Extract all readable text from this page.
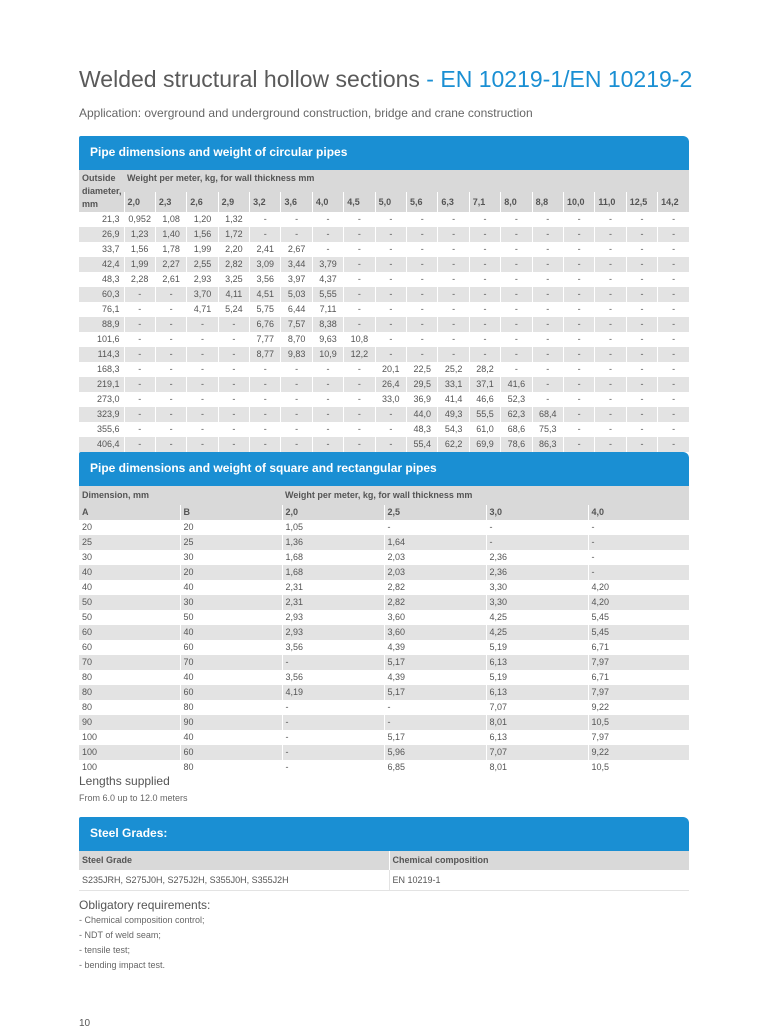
Welded structural hollow sections - EN 10219-1/EN 10219-2
Application: overground and underground construction, bridge and crane construction
Pipe dimensions and weight of circular pipes
Outside diameter, mm	Weight per meter, kg, for wall thickness mm																	
	2,0	2,3	2,6	2,9	3,2	3,6	4,0	4,5	5,0	5,6	6,3	7,1	8,0	8,8	10,0	11,0	12,5	14,2
21,3	0,952	1,08	1,20	1,32	-	-	-	-	-	-	-	-	-	-	-	-	-	-
26,9	1,23	1,40	1,56	1,72	-	-	-	-	-	-	-	-	-	-	-	-	-	-
33,7	1,56	1,78	1,99	2,20	2,41	2,67	-	-	-	-	-	-	-	-	-	-	-	-
42,4	1,99	2,27	2,55	2,82	3,09	3,44	3,79	-	-	-	-	-	-	-	-	-	-	-
48,3	2,28	2,61	2,93	3,25	3,56	3,97	4,37	-	-	-	-	-	-	-	-	-	-	-
60,3	-	-	3,70	4,11	4,51	5,03	5,55	-	-	-	-	-	-	-	-	-	-	-
76,1	-	-	4,71	5,24	5,75	6,44	7,11	-	-	-	-	-	-	-	-	-	-	-
88,9	-	-	-	-	6,76	7,57	8,38	-	-	-	-	-	-	-	-	-	-	-
101,6	-	-	-	-	7,77	8,70	9,63	10,8	-	-	-	-	-	-	-	-	-	-
114,3	-	-	-	-	8,77	9,83	10,9	12,2	-	-	-	-	-	-	-	-	-	-
168,3	-	-	-	-	-	-	-	-	20,1	22,5	25,2	28,2	-	-	-	-	-	-
219,1	-	-	-	-	-	-	-	-	26,4	29,5	33,1	37,1	41,6	-	-	-	-	-
273,0	-	-	-	-	-	-	-	-	33,0	36,9	41,4	46,6	52,3	-	-	-	-	-
323,9	-	-	-	-	-	-	-	-	-	44,0	49,3	55,5	62,3	68,4	-	-	-	-
355,6	-	-	-	-	-	-	-	-	-	48,3	54,3	61,0	68,6	75,3	-	-	-	-
406,4	-	-	-	-	-	-	-	-	-	55,4	62,2	69,9	78,6	86,3	-	-	-	-
Pipe dimensions and weight of square and rectangular pipes
Dimension, mm		Weight per meter, kg, for wall thickness mm			
A	B	2,0	2,5	3,0	4,0
20	20	1,05	-	-	-
25	25	1,36	1,64	-	-
30	30	1,68	2,03	2,36	-
40	20	1,68	2,03	2,36	-
40	40	2,31	2,82	3,30	4,20
50	30	2,31	2,82	3,30	4,20
50	50	2,93	3,60	4,25	5,45
60	40	2,93	3,60	4,25	5,45
60	60	3,56	4,39	5,19	6,71
70	70	-	5,17	6,13	7,97
80	40	3,56	4,39	5,19	6,71
80	60	4,19	5,17	6,13	7,97
80	80	-	-	7,07	9,22
90	90	-	-	8,01	10,5
100	40	-	5,17	6,13	7,97
100	60	-	5,96	7,07	9,22
100	80	-	6,85	8,01	10,5
Lengths supplied
From 6.0 up to 12.0 meters
Steel Grades:
Steel Grade	Chemical composition
S235JRH, S275J0H, S275J2H, S355J0H, S355J2H	EN 10219-1
Obligatory requirements:
- Chemical composition control;
- NDT of weld seam;
- tensile test;
- bending impact test.
10
